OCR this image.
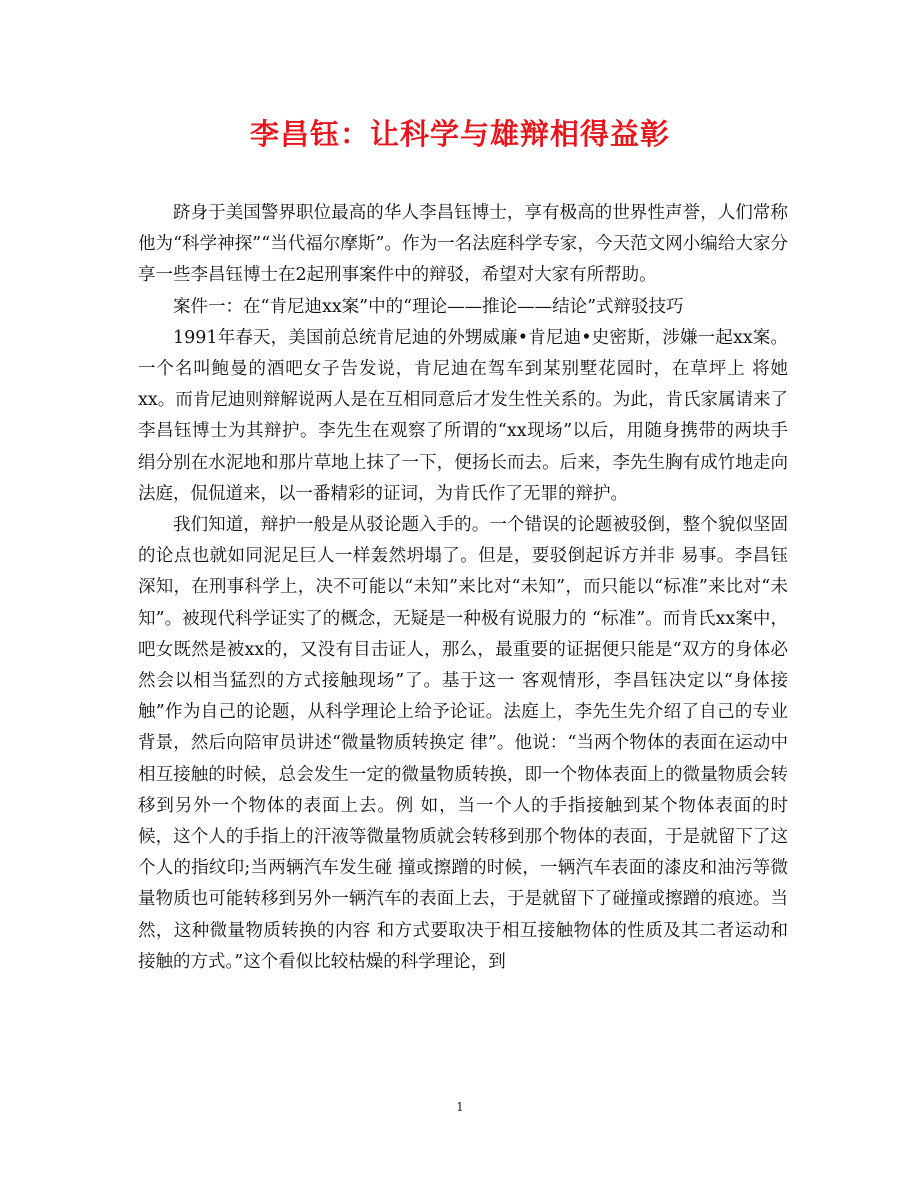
李昌钰：让科学与雄辩相得益彰

跻身于美国警界职位最高的华人李昌钰博士，享有极高的世界性声誉，人们常称他为“科学神探”“当代福尔摩斯”。作为一名法庭科学专家，今天范文网小编给大家分享一些李昌钰博士在2起刑事案件中的辩驳，希望对大家有所帮助。

案件一：在“肯尼迪xx案”中的“理论——推论——结论”式辩驳技巧

1991年春天，美国前总统肯尼迪的外甥威廉•肯尼迪•史密斯，涉嫌一起xx案。一个名叫鲍曼的酒吧女子告发说，肯尼迪在驾车到某别墅花园时，在草坪上 将她xx。而肯尼迪则辩解说两人是在互相同意后才发生性关系的。为此，肯氏家属请来了李昌钰博士为其辩护。李先生在观察了所谓的“xx现场”以后，用随身携带的两块手绢分别在水泥地和那片草地上抹了一下，便扬长而去。后来，李先生胸有成竹地走向法庭，侃侃道来，以一番精彩的证词，为肯氏作了无罪的辩护。

我们知道，辩护一般是从驳论题入手的。一个错误的论题被驳倒，整个貌似坚固的论点也就如同泥足巨人一样轰然坍塌了。但是，要驳倒起诉方并非 易事。李昌钰深知，在刑事科学上，决不可能以“未知”来比对“未知”，而只能以“标准”来比对“未知”。被现代科学证实了的概念，无疑是一种极有说服力的 “标准”。而肯氏xx案中，吧女既然是被xx的，又没有目击证人，那么，最重要的证据便只能是“双方的身体必然会以相当猛烈的方式接触现场”了。基于这一 客观情形，李昌钰决定以“身体接触”作为自己的论题，从科学理论上给予论证。法庭上，李先生先介绍了自己的专业背景，然后向陪审员讲述“微量物质转换定 律”。他说：“当两个物体的表面在运动中相互接触的时候，总会发生一定的微量物质转换，即一个物体表面上的微量物质会转移到另外一个物体的表面上去。例 如，当一个人的手指接触到某个物体表面的时候，这个人的手指上的汗液等微量物质就会转移到那个物体的表面，于是就留下了这个人的指纹印;当两辆汽车发生碰 撞或擦蹭的时候，一辆汽车表面的漆皮和油污等微量物质也可能转移到另外一辆汽车的表面上去，于是就留下了碰撞或擦蹭的痕迹。当然，这种微量物质转换的内容 和方式要取决于相互接触物体的性质及其二者运动和接触的方式。”这个看似比较枯燥的科学理论，到

1
